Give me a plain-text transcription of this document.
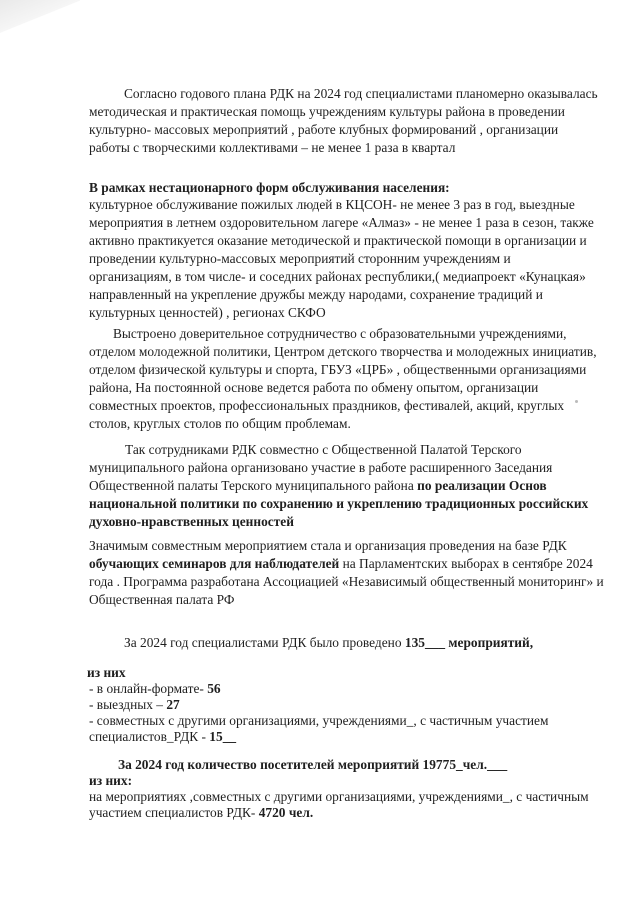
Согласно годового плана РДК на 2024 год специалистами планомерно оказывалась
методическая и практическая помощь учреждениям культуры района в проведении
культурно- массовых мероприятий , работе клубных формирований , организации
работы с творческими коллективами – не менее 1 раза в квартал
В рамках нестационарного форм обслуживания населения:
культурное обслуживание пожилых людей в КЦСОН- не менее 3 раз в год, выездные
мероприятия в летнем оздоровительном лагере «Алмаз» - не менее 1 раза в сезон, также
активно практикуется оказание методической и практической помощи в организации и
проведении культурно-массовых мероприятий сторонним учреждениям и
организациям, в том числе- и соседних районах республики,( медиапроект «Кунацкая»
направленный на укрепление дружбы между народами, сохранение традиций и
культурных ценностей) , регионах СКФО
Выстроено доверительное сотрудничество с образовательными учреждениями,
отделом молодежной политики, Центром детского творчества и молодежных инициатив,
отделом физической культуры и спорта, ГБУЗ «ЦРБ» , общественными организациями
района, На постоянной основе ведется работа по обмену опытом, организации
совместных проектов, профессиональных праздников, фестивалей, акций, круглых
столов, круглых столов по общим проблемам.
Так сотрудниками РДК совместно с Общественной Палатой Терского
муниципального района организовано участие в работе расширенного Заседания
Общественной палаты Терского муниципального района по реализации Основ
национальной политики по сохранению и укреплению традиционных российских
духовно-нравственных ценностей
Значимым совместным мероприятием стала и организация проведения на базе РДК
обучающих семинаров для наблюдателей на Парламентских выборах в сентябре 2024
года . Программа разработана Ассоциацией «Независимый общественный мониторинг» и
Общественная палата РФ
За 2024 год специалистами РДК было проведено 135___ мероприятий,
из них
- в онлайн-формате- 56
- выездных – 27
- совместных с другими организациями, учреждениями_, с частичным участием
специалистов_РДК - 15__
За 2024 год количество посетителей мероприятий 19775_чел.___
из них:
на мероприятиях ,совместных с другими организациями, учреждениями_, с частичным
участием специалистов РДК- 4720 чел.
